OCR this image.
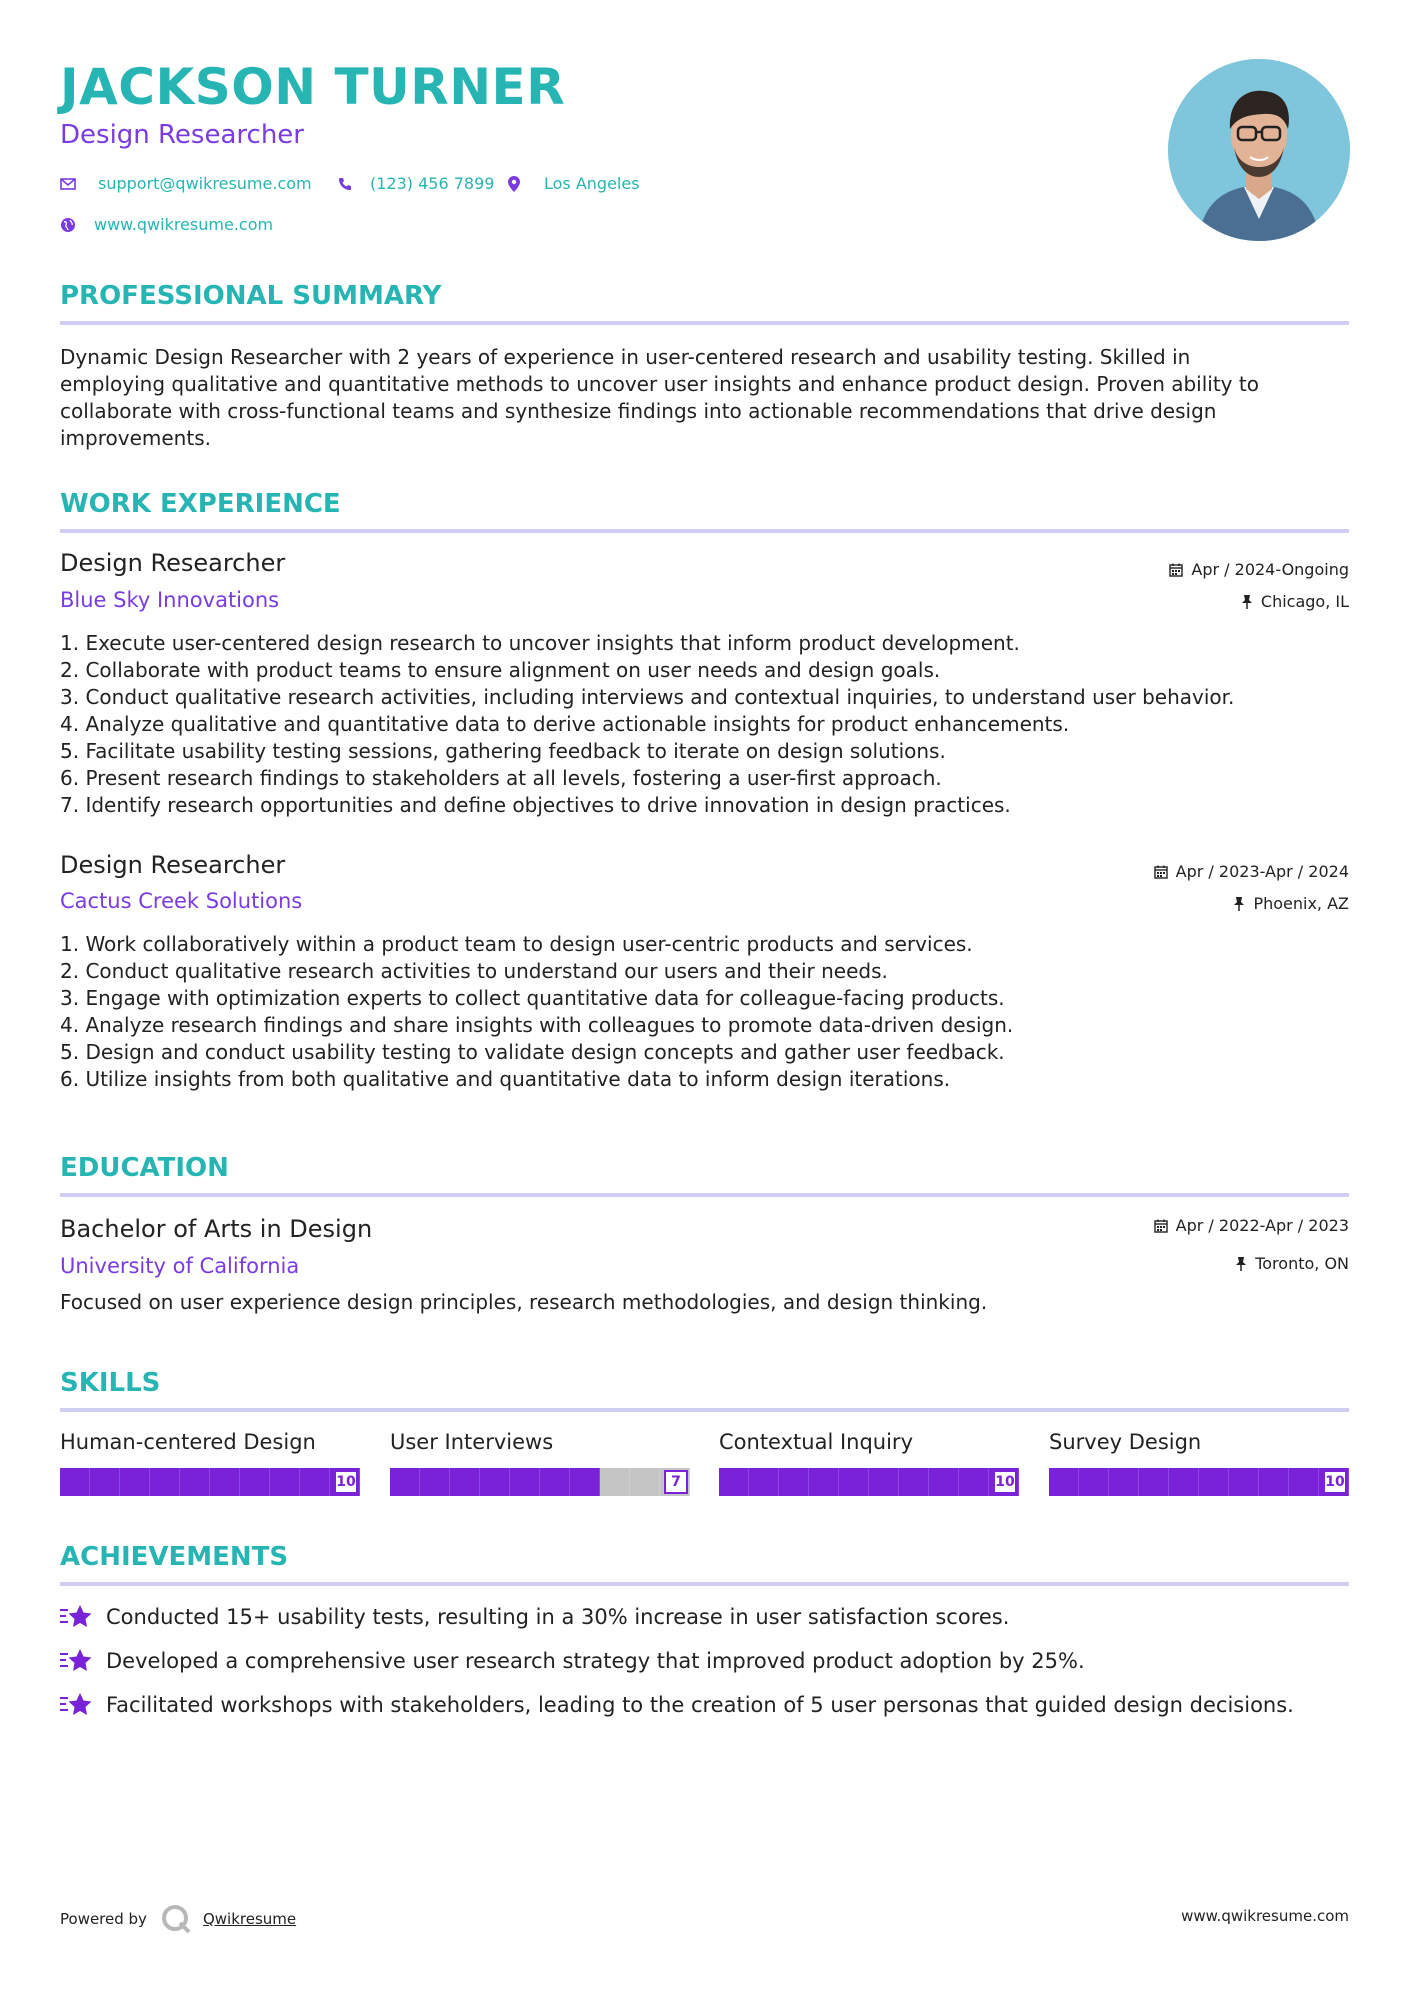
JACKSON TURNER
Design Researcher
support@qwikresume.com	(123) 456 7899	Los Angeles
www.qwikresume.com
PROFESSIONAL SUMMARY
Dynamic Design Researcher with 2 years of experience in user-centered research and usability testing. Skilled in
employing qualitative and quantitative methods to uncover user insights and enhance product design. Proven ability to
collaborate with cross-functional teams and synthesize findings into actionable recommendations that drive design
improvements.
WORK EXPERIENCE
Design Researcher
Blue Sky Innovations
Apr / 2024-Ongoing
Chicago, IL
1. Execute user-centered design research to uncover insights that inform product development.
2. Collaborate with product teams to ensure alignment on user needs and design goals.
3. Conduct qualitative research activities, including interviews and contextual inquiries, to understand user behavior.
4. Analyze qualitative and quantitative data to derive actionable insights for product enhancements.
5. Facilitate usability testing sessions, gathering feedback to iterate on design solutions.
6. Present research findings to stakeholders at all levels, fostering a user-first approach.
7. Identify research opportunities and define objectives to drive innovation in design practices.
Design Researcher
Cactus Creek Solutions
Apr / 2023-Apr / 2024
Phoenix, AZ
1. Work collaboratively within a product team to design user-centric products and services.
2. Conduct qualitative research activities to understand our users and their needs.
3. Engage with optimization experts to collect quantitative data for colleague-facing products.
4. Analyze research findings and share insights with colleagues to promote data-driven design.
5. Design and conduct usability testing to validate design concepts and gather user feedback.
6. Utilize insights from both qualitative and quantitative data to inform design iterations.
EDUCATION
Bachelor of Arts in Design
University of California
Apr / 2022-Apr / 2023
Toronto, ON
Focused on user experience design principles, research methodologies, and design thinking.
SKILLS
Human-centered Design	User Interviews	Contextual Inquiry	Survey Design
10	7	10	10
ACHIEVEMENTS
Conducted 15+ usability tests, resulting in a 30% increase in user satisfaction scores.
Developed a comprehensive user research strategy that improved product adoption by 25%.
Facilitated workshops with stakeholders, leading to the creation of 5 user personas that guided design decisions.
Powered by	Qwikresume	www.qwikresume.com
